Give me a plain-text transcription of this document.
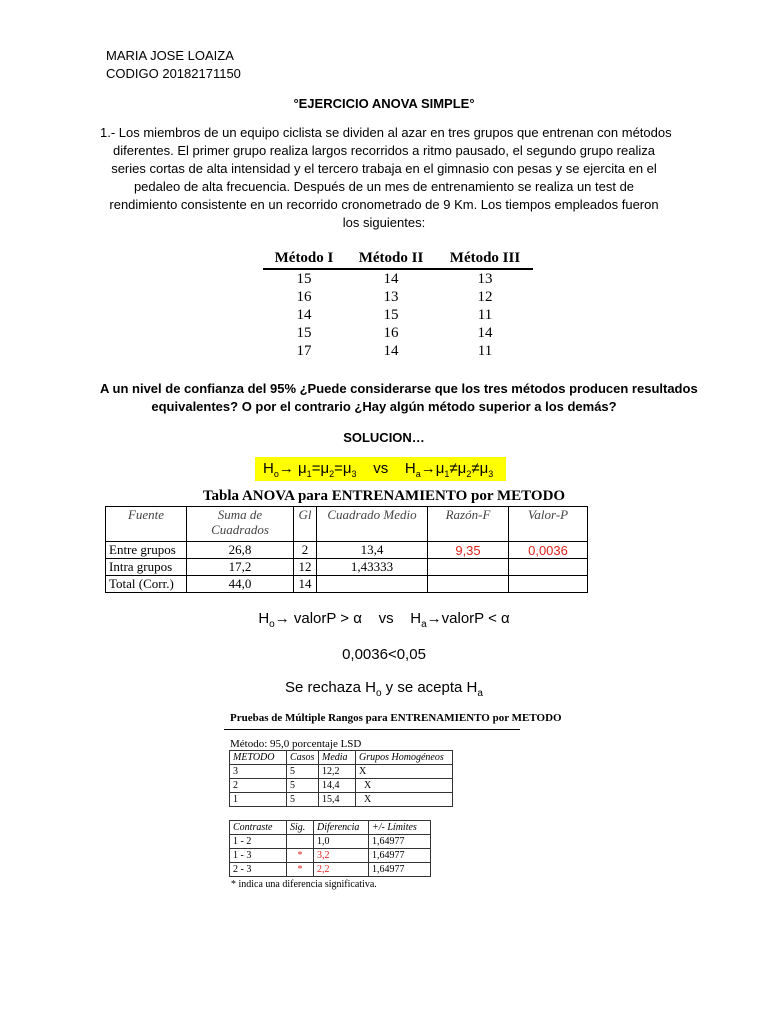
MARIA JOSE LOAIZA
CODIGO 20182171150
°EJERCICIO ANOVA SIMPLE°
1.- Los miembros de un equipo ciclista se dividen al azar en tres grupos que entrenan con métodos
diferentes. El primer grupo realiza largos recorridos a ritmo pausado, el segundo grupo realiza
series cortas de alta intensidad y el tercero trabaja en el gimnasio con pesas y se ejercita en el
pedaleo de alta frecuencia. Después de un mes de entrenamiento se realiza un test de
rendimiento consistente en un recorrido cronometrado de 9 Km. Los tiempos empleados fueron
los siguientes:
Método I	Método II	Método III
15	14	13
16	13	12
14	15	11
15	16	14
17	14	11
A un nivel de confianza del 95% ¿Puede considerarse que los tres métodos producen resultados
equivalentes? O por el contrario ¿Hay algún método superior a los demás?
SOLUCION…
$H_o\to \mu_1=\mu_2=\mu_3$ vs $H_a\to\mu_1\ne\mu_2\ne\mu_3$
Tabla ANOVA para ENTRENAMIENTO por METODO
Fuente	Suma de Cuadrados	Gl	Cuadrado Medio	Razón-F	Valor-P
Entre grupos	26,8	2	13,4	9,35	0,0036
Intra grupos	17,2	12	1,43333		
Total (Corr.)	44,0	14			
$H_o\to$ valorP > α vs $H_a\to valorP < \alpha$
0,0036<0,05
Se rechaza $H_o$ y se acepta $H_a$
Pruebas de Múltiple Rangos para ENTRENAMIENTO por METODO
Método: 95,0 porcentaje LSD
METODO	Casos	Media	Grupos Homogéneos
3	5	12,2	X
2	5	14,4	X
1	5	15,4	X
Contraste	Sig.	Diferencia	+/- Límites
1 - 2		1,0	1,64977
1 - 3	*	3,2	1,64977
2 - 3	*	2,2	1,64977
* indica una diferencia significativa.
